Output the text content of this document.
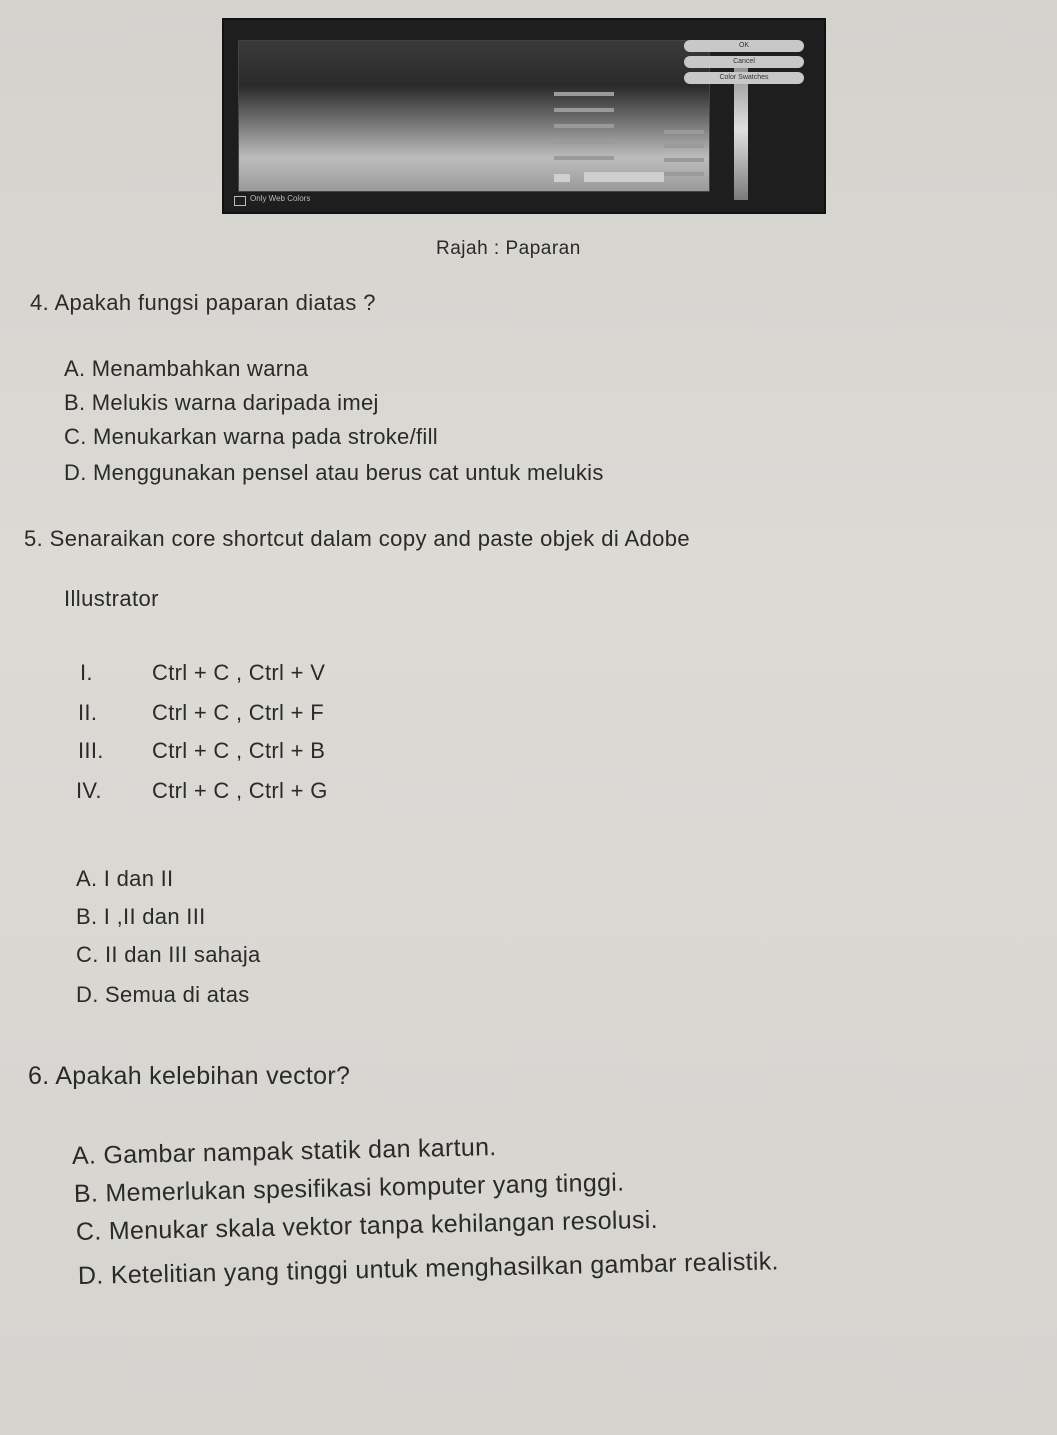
OK
Cancel
Color Swatches
Only Web Colors
Rajah : Paparan
4. Apakah fungsi paparan diatas ?
A. Menambahkan warna
B. Melukis warna daripada imej
C. Menukarkan warna pada stroke/fill
D. Menggunakan pensel atau berus cat untuk melukis
5. Senaraikan core shortcut dalam copy and paste objek di Adobe
Illustrator
I.	Ctrl + C , Ctrl + V
II. Ctrl + C , Ctrl + F
III. Ctrl + C , Ctrl + B
IV. Ctrl + C , Ctrl + G
A. I dan II
B. I ,II dan III
C. II dan III sahaja
D. Semua di atas
6. Apakah kelebihan vector?
A. Gambar nampak statik dan kartun.
B. Memerlukan spesifikasi komputer yang tinggi.
C. Menukar skala vektor tanpa kehilangan resolusi.
D. Ketelitian yang tinggi untuk menghasilkan gambar realistik.
